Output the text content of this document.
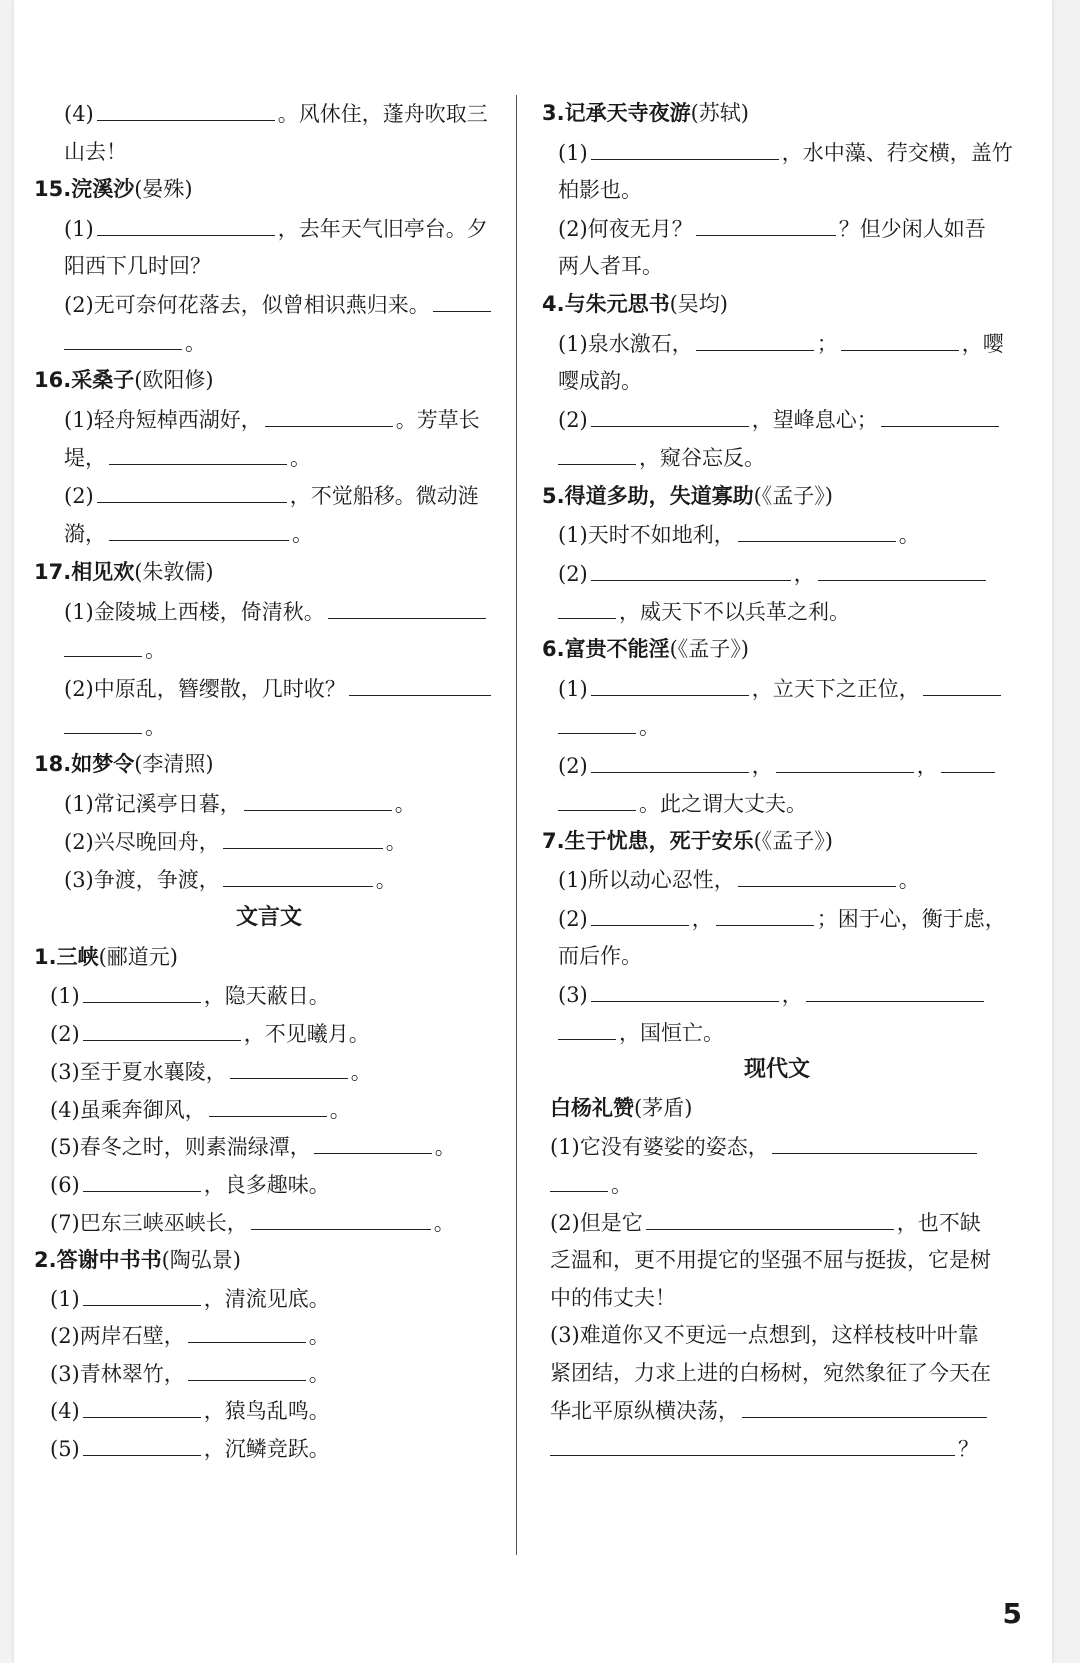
(4)	。风休住，蓬舟吹取三
山去！
15.浣溪沙(晏殊)
(1)	，去年天气旧亭台。夕
阳西下几时回？
(2)无可奈何花落去，似曾相识燕归来。
。
16.采桑子(欧阳修)
(1)轻舟短棹西湖好，	。芳草长
堤，	。
(2)	，不觉船移。微动涟
漪，	。
17.相见欢(朱敦儒)
(1)金陵城上西楼，倚清秋。
。
(2)中原乱，簪缨散，几时收？
。
18.如梦令(李清照)
(1)常记溪亭日暮，	。
(2)兴尽晚回舟，	。
(3)争渡，争渡，	。
文言文
1.三峡(郦道元)
(1)	，隐天蔽日。
(2)	，不见曦月。
(3)至于夏水襄陵，	。
(4)虽乘奔御风，	。
(5)春冬之时，则素湍绿潭，	。
(6)	，良多趣味。
(7)巴东三峡巫峡长，	。
2.答谢中书书(陶弘景)
(1)	，清流见底。
(2)两岸石壁，	。
(3)青林翠竹，	。
(4)	，猿鸟乱鸣。
(5)	，沉鳞竞跃。
3.记承天寺夜游(苏轼)
(1)	，水中藻、荇交横，盖竹
柏影也。
(2)何夜无月？	？但少闲人如吾
两人者耳。
4.与朱元思书(吴均)
(1)泉水激石，	；	，嘤
嘤成韵。
(2)	，望峰息心；
，窥谷忘反。
5.得道多助，失道寡助(《孟子》)
(1)天时不如地利，	。
(2)	，
，威天下不以兵革之利。
6.富贵不能淫(《孟子》)
(1)	，立天下之正位，
。
(2)	，	，
。此之谓大丈夫。
7.生于忧患，死于安乐(《孟子》)
(1)所以动心忍性，	。
(2)	，	；困于心，衡于虑，
而后作。
(3)	，
，国恒亡。
现代文
白杨礼赞(茅盾)
(1)它没有婆娑的姿态，
。
(2)但是它	，也不缺
乏温和，更不用提它的坚强不屈与挺拔，它是树
中的伟丈夫！
(3)难道你又不更远一点想到，这样枝枝叶叶靠
紧团结，力求上进的白杨树，宛然象征了今天在
华北平原纵横决荡，
？
5
